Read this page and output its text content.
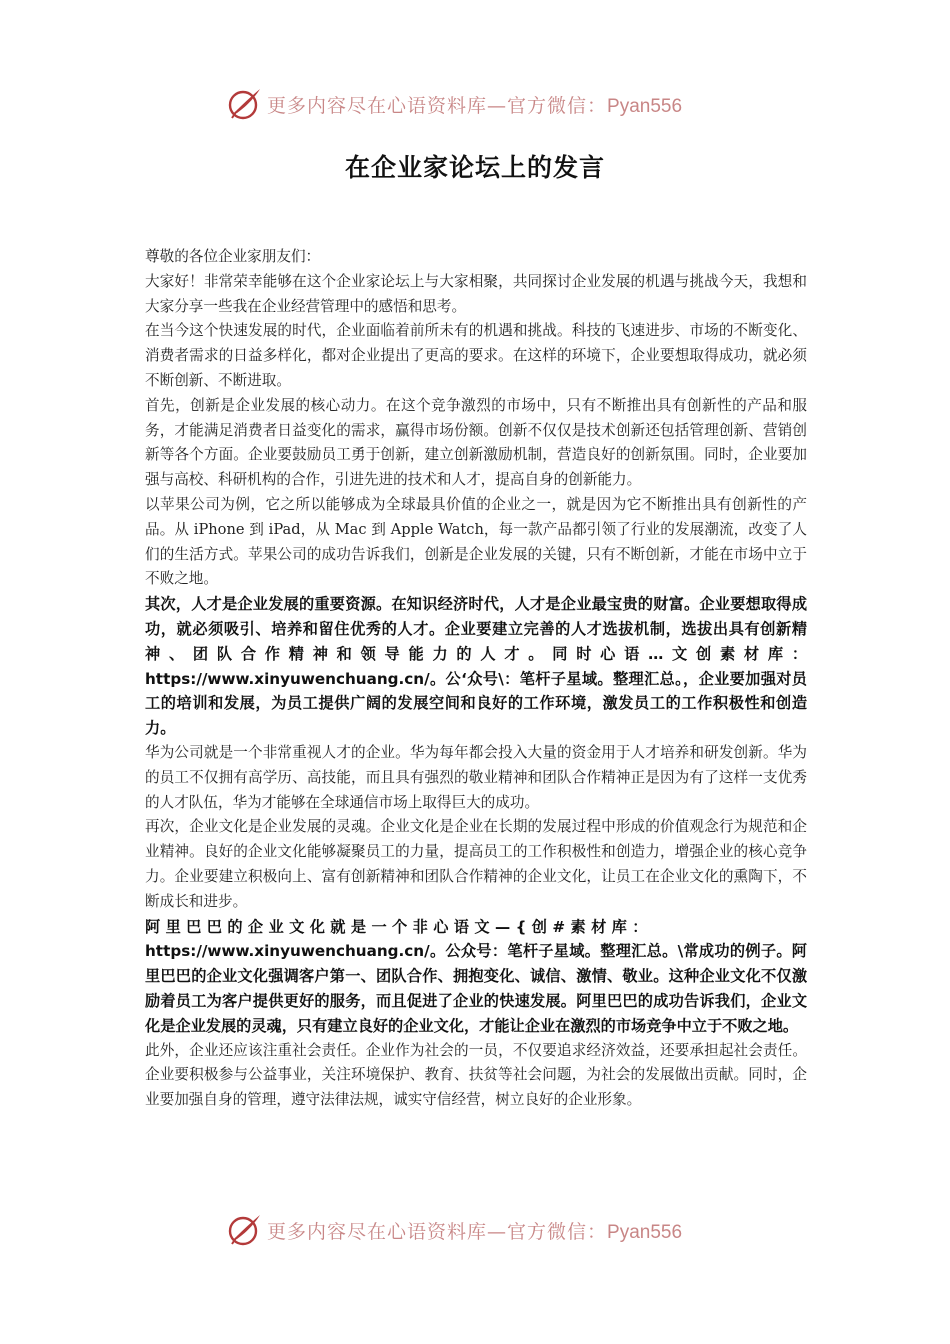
更多内容尽在心语资料库—官方微信：Pyan556
在企业家论坛上的发言

尊敬的各位企业家朋友们：

大家好！非常荣幸能够在这个企业家论坛上与大家相聚，共同探讨企业发展的机遇与挑战今天，我想和大家分享一些我在企业经营管理中的感悟和思考。

在当今这个快速发展的时代，企业面临着前所未有的机遇和挑战。科技的飞速进步、市场的不断变化、消费者需求的日益多样化，都对企业提出了更高的要求。在这样的环境下，企业要想取得成功，就必须不断创新、不断进取。

首先，创新是企业发展的核心动力。在这个竞争激烈的市场中，只有不断推出具有创新性的产品和服务，才能满足消费者日益变化的需求，赢得市场份额。创新不仅仅是技术创新还包括管理创新、营销创新等各个方面。企业要鼓励员工勇于创新，建立创新激励机制，营造良好的创新氛围。同时，企业要加强与高校、科研机构的合作，引进先进的技术和人才，提高自身的创新能力。

以苹果公司为例，它之所以能够成为全球最具价值的企业之一，就是因为它不断推出具有创新性的产品。从 iPhone 到 iPad，从 Mac 到 Apple Watch，每一款产品都引领了行业的发展潮流，改变了人们的生活方式。苹果公司的成功告诉我们，创新是企业发展的关键，只有不断创新，才能在市场中立于不败之地。

其次，人才是企业发展的重要资源。在知识经济时代，人才是企业最宝贵的财富。企业要想取得成功，就必须吸引、培养和留住优秀的人才。企业要建立完善的人才选拔机制，选拔出具有创新精神、团队合作精神和领导能力的人才。同时心语…文创素材库：https://www.xinyuwenchuang.cn/。公‘众号\：笔杆子星域。整理汇总。，企业要加强对员工的培训和发展，为员工提供广阔的发展空间和良好的工作环境，激发员工的工作积极性和创造力。

华为公司就是一个非常重视人才的企业。华为每年都会投入大量的资金用于人才培养和研发创新。华为的员工不仅拥有高学历、高技能，而且具有强烈的敬业精神和团队合作精神正是因为有了这样一支优秀的人才队伍，华为才能够在全球通信市场上取得巨大的成功。

再次，企业文化是企业发展的灵魂。企业文化是企业在长期的发展过程中形成的价值观念行为规范和企业精神。良好的企业文化能够凝聚员工的力量，提高员工的工作积极性和创造力，增强企业的核心竞争力。企业要建立积极向上、富有创新精神和团队合作精神的企业文化，让员工在企业文化的熏陶下，不断成长和进步。

阿里巴巴的企业文化就是一个非心语文—{创#素材库：

https://www.xinyuwenchuang.cn/。公众号：笔杆子星域。整理汇总。\常成功的例子。阿里巴巴的企业文化强调客户第一、团队合作、拥抱变化、诚信、激情、敬业。这种企业文化不仅激励着员工为客户提供更好的服务，而且促进了企业的快速发展。阿里巴巴的成功告诉我们，企业文化是企业发展的灵魂，只有建立良好的企业文化，才能让企业在激烈的市场竞争中立于不败之地。

此外，企业还应该注重社会责任。企业作为社会的一员，不仅要追求经济效益，还要承担起社会责任。企业要积极参与公益事业，关注环境保护、教育、扶贫等社会问题，为社会的发展做出贡献。同时，企业要加强自身的管理，遵守法律法规，诚实守信经营，树立良好的企业形象。

更多内容尽在心语资料库—官方微信：Pyan556
